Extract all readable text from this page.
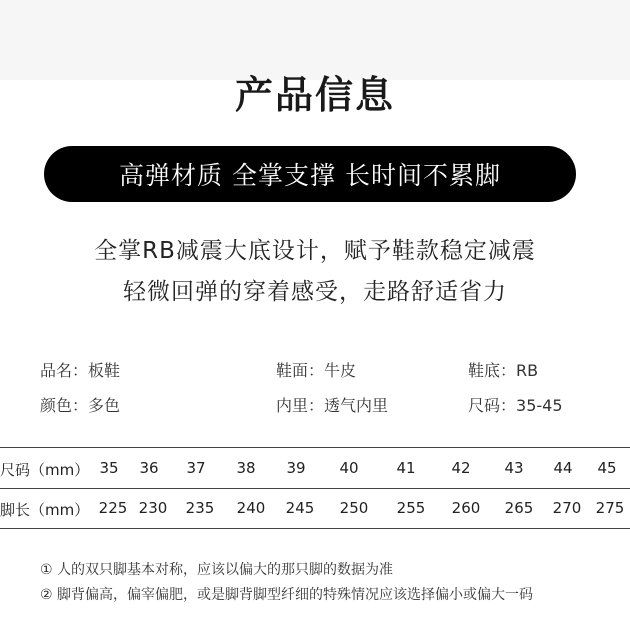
产品信息
高弹材质 全掌支撑 长时间不累脚
全掌RB减震大底设计，赋予鞋款稳定减震
轻微回弹的穿着感受，走路舒适省力
品名：板鞋	鞋面：牛皮	鞋底：RB
颜色：多色	内里：透气内里	尺码：35-45
尺码（mm） 35	36	37	38	39	40	41	42	43	44	45
脚长（mm） 225 230	235	240	245	250	255	260	265	270 275
① 人的双只脚基本对称，应该以偏大的那只脚的数据为准
② 脚背偏高，偏宰偏肥，或是脚背脚型纤细的特殊情况应该选择偏小或偏大一码
